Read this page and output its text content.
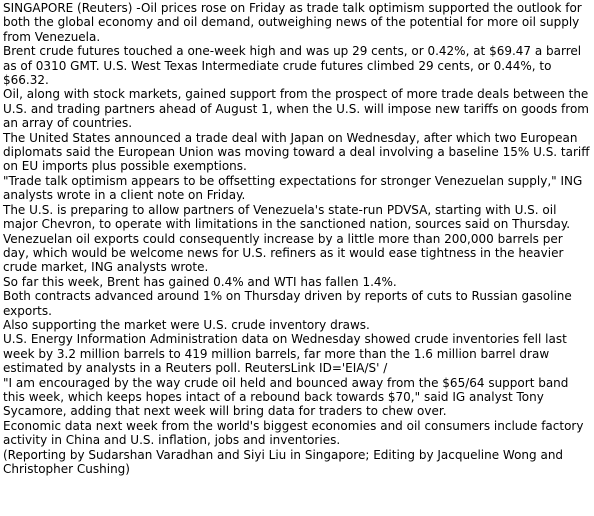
SINGAPORE (Reuters) -Oil prices rose on Friday as trade talk optimism supported the outlook for both the global economy and oil demand, outweighing news of the potential for more oil supply from Venezuela.

Brent crude futures touched a one-week high and was up 29 cents, or 0.42%, at $69.47 a barrel as of 0310 GMT. U.S. West Texas Intermediate crude futures climbed 29 cents, or 0.44%, to $66.32.

Oil, along with stock markets, gained support from the prospect of more trade deals between the U.S. and trading partners ahead of August 1, when the U.S. will impose new tariffs on goods from an array of countries.

The United States announced a trade deal with Japan on Wednesday, after which two European diplomats said the European Union was moving toward a deal involving a baseline 15% U.S. tariff on EU imports plus possible exemptions.

"Trade talk optimism appears to be offsetting expectations for stronger Venezuelan supply," ING analysts wrote in a client note on Friday.

The U.S. is preparing to allow partners of Venezuela's state-run PDVSA, starting with U.S. oil major Chevron, to operate with limitations in the sanctioned nation, sources said on Thursday.

Venezuelan oil exports could consequently increase by a little more than 200,000 barrels per day, which would be welcome news for U.S. refiners as it would ease tightness in the heavier crude market, ING analysts wrote.

So far this week, Brent has gained 0.4% and WTI has fallen 1.4%.

Both contracts advanced around 1% on Thursday driven by reports of cuts to Russian gasoline exports.

Also supporting the market were U.S. crude inventory draws.

U.S. Energy Information Administration data on Wednesday showed crude inventories fell last week by 3.2 million barrels to 419 million barrels, far more than the 1.6 million barrel draw estimated by analysts in a Reuters poll. ReutersLink ID='EIA/S' /

"I am encouraged by the way crude oil held and bounced away from the $65/64 support band this week, which keeps hopes intact of a rebound back towards $70," said IG analyst Tony Sycamore, adding that next week will bring data for traders to chew over.

Economic data next week from the world's biggest economies and oil consumers include factory activity in China and U.S. inflation, jobs and inventories.

(Reporting by Sudarshan Varadhan and Siyi Liu in Singapore; Editing by Jacqueline Wong and Christopher Cushing)
